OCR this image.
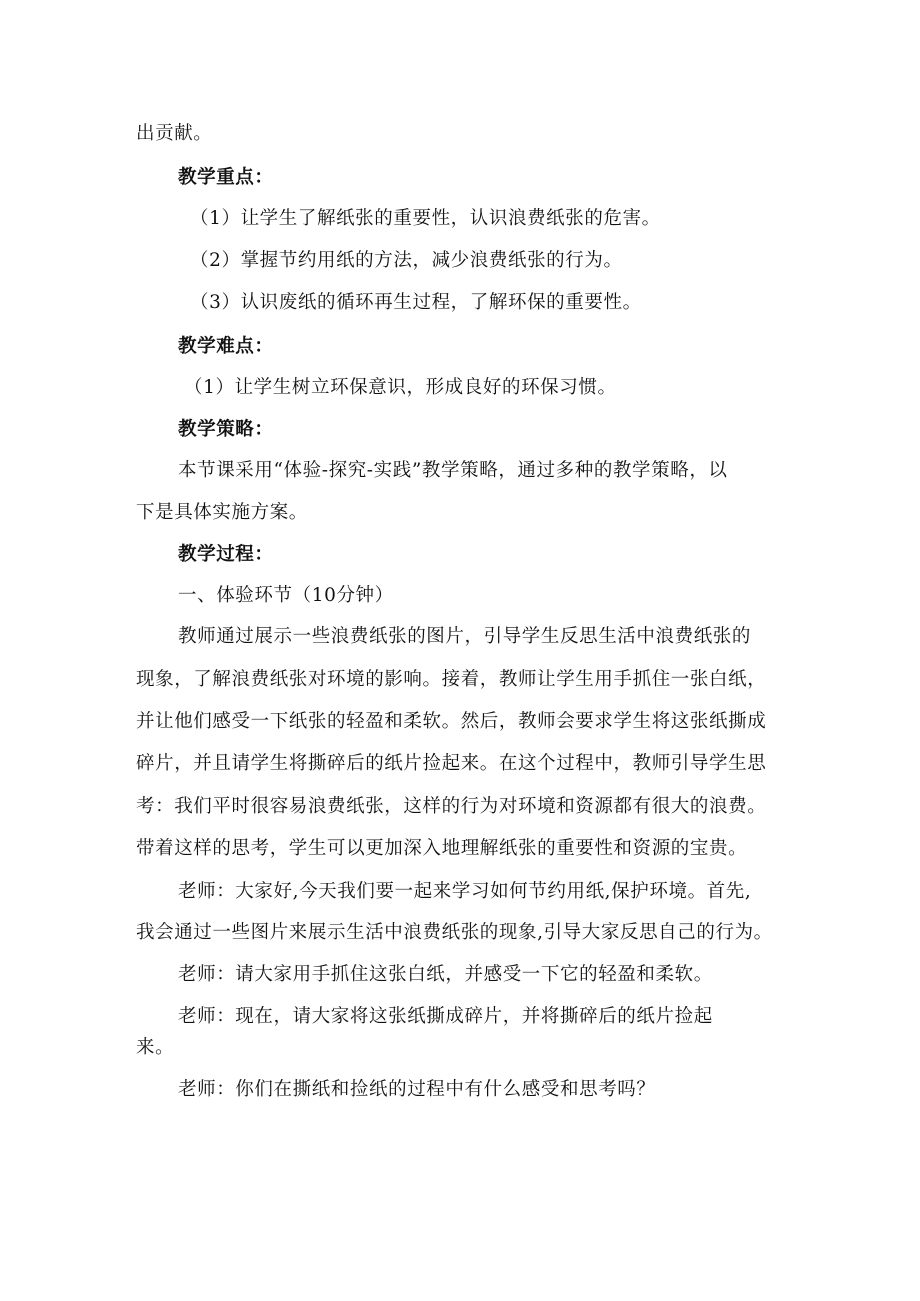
出贡献。
教学重点：
（1）让学生了解纸张的重要性，认识浪费纸张的危害。
（2）掌握节约用纸的方法，减少浪费纸张的行为。
（3）认识废纸的循环再生过程，了解环保的重要性。
教学难点：
（1）让学生树立环保意识，形成良好的环保习惯。
教学策略：
本节课采用“体验-探究-实践”教学策略，通过多种的教学策略，以
下是具体实施方案。
教学过程：
一、体验环节（10分钟）
教师通过展示一些浪费纸张的图片，引导学生反思生活中浪费纸张的
现象，了解浪费纸张对环境的影响。接着，教师让学生用手抓住一张白纸，
并让他们感受一下纸张的轻盈和柔软。然后，教师会要求学生将这张纸撕成
碎片，并且请学生将撕碎后的纸片捡起来。在这个过程中，教师引导学生思
考：我们平时很容易浪费纸张，这样的行为对环境和资源都有很大的浪费。
带着这样的思考，学生可以更加深入地理解纸张的重要性和资源的宝贵。
老师：大家好,今天我们要一起来学习如何节约用纸,保护环境。首先,
我会通过一些图片来展示生活中浪费纸张的现象,引导大家反思自己的行为。
老师：请大家用手抓住这张白纸，并感受一下它的轻盈和柔软。
老师：现在，请大家将这张纸撕成碎片，并将撕碎后的纸片捡起
来。
老师：你们在撕纸和捡纸的过程中有什么感受和思考吗？
